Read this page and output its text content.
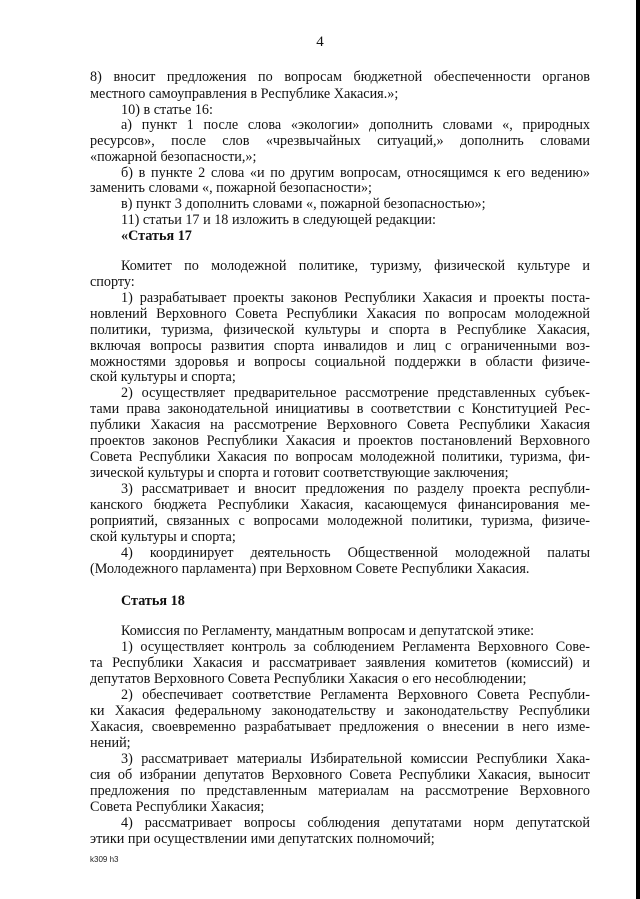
4
8) вносит предложения по вопросам бюджетной обеспеченности органов
местного самоуправления в Республике Хакасия.»;
10) в статье 16:
а) пункт 1 после слова «экологии» дополнить словами «, природных
ресурсов», после слов «чрезвычайных ситуаций,» дополнить словами
«пожарной безопасности,»;
б) в пункте 2 слова «и по другим вопросам, относящимся к его ведению»
заменить словами «, пожарной безопасности»;
в) пункт 3 дополнить словами «, пожарной безопасностью»;
11) статьи 17 и 18 изложить в следующей редакции:
«Статья 17
Комитет по молодежной политике, туризму, физической культуре и
спорту:
1) разрабатывает проекты законов Республики Хакасия и проекты поста-
новлений Верховного Совета Республики Хакасия по вопросам молодежной
политики, туризма, физической культуры и спорта в Республике Хакасия,
включая вопросы развития спорта инвалидов и лиц с ограниченными воз-
можностями здоровья и вопросы социальной поддержки в области физиче-
ской культуры и спорта;
2) осуществляет предварительное рассмотрение представленных субъек-
тами права законодательной инициативы в соответствии с Конституцией Рес-
публики Хакасия на рассмотрение Верховного Совета Республики Хакасия
проектов законов Республики Хакасия и проектов постановлений Верховного
Совета Республики Хакасия по вопросам молодежной политики, туризма, фи-
зической культуры и спорта и готовит соответствующие заключения;
3) рассматривает и вносит предложения по разделу проекта республи-
канского бюджета Республики Хакасия, касающемуся финансирования ме-
роприятий, связанных с вопросами молодежной политики, туризма, физиче-
ской культуры и спорта;
4) координирует деятельность Общественной молодежной палаты
(Молодежного парламента) при Верховном Совете Республики Хакасия.
Статья 18
Комиссия по Регламенту, мандатным вопросам и депутатской этике:
1) осуществляет контроль за соблюдением Регламента Верховного Сове-
та Республики Хакасия и рассматривает заявления комитетов (комиссий) и
депутатов Верховного Совета Республики Хакасия о его несоблюдении;
2) обеспечивает соответствие Регламента Верховного Совета Республи-
ки Хакасия федеральному законодательству и законодательству Республики
Хакасия, своевременно разрабатывает предложения о внесении в него изме-
нений;
3) рассматривает материалы Избирательной комиссии Республики Хака-
сия об избрании депутатов Верховного Совета Республики Хакасия, выносит
предложения по представленным материалам на рассмотрение Верховного
Совета Республики Хакасия;
4) рассматривает вопросы соблюдения депутатами норм депутатской
этики при осуществлении ими депутатских полномочий;
k309 h3
